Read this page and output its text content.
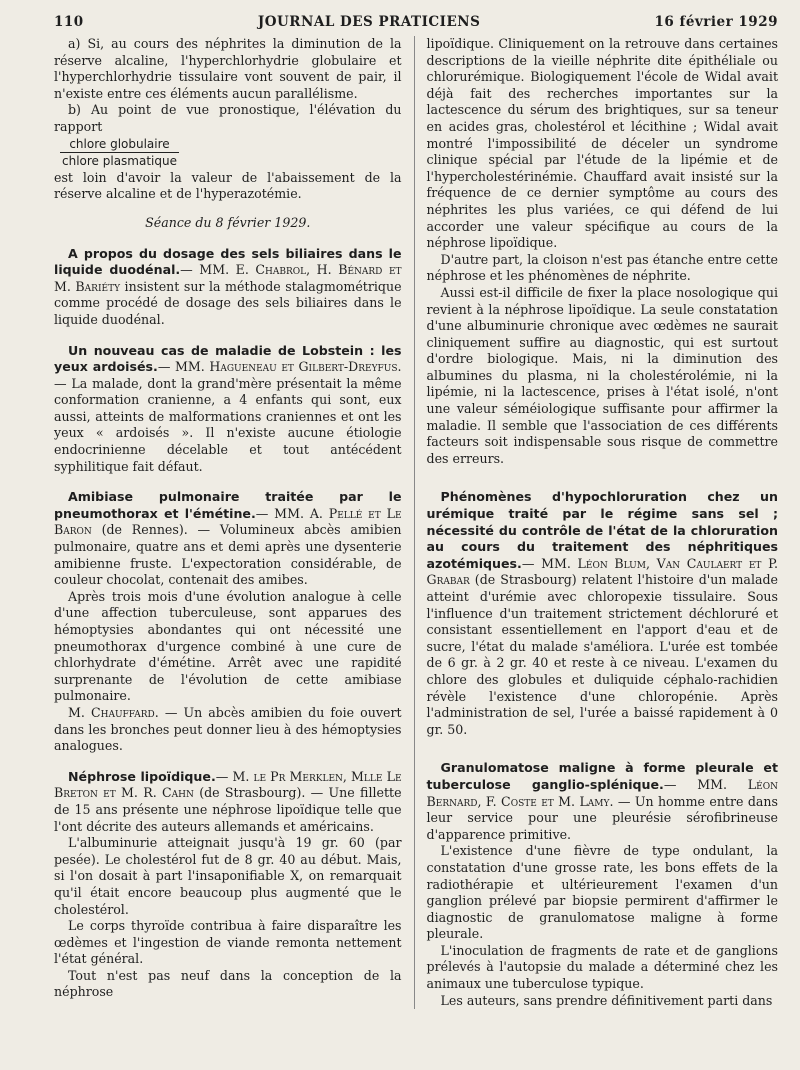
110	JOURNAL DES PRATICIENS	16 février 1929

a) Si, au cours des néphrites la diminution de la réserve alcaline, l'hyperchlorhydrie globulaire et l'hyperchlorhydrie tissulaire vont souvent de pair, il n'existe entre ces éléments aucun parallélisme.

b) Au point de vue pronostique, l'élévation du rapport

$\frac{\text{chlore globulaire}}{\text{chlore plasmatique}}$

est loin d'avoir la valeur de l'abaissement de la réserve alcaline et de l'hyperazotémie.

Séance du 8 février 1929.

A propos du dosage des sels biliaires dans le liquide duodénal.— MM. E. Chabrol, H. Bénard et M. Bariéty insistent sur la méthode stalagmométrique comme procédé de dosage des sels biliaires dans le liquide duodénal.

Un nouveau cas de maladie de Lobstein : les yeux ardoisés.— MM. Hagueneau et Gilbert-Dreyfus. — La malade, dont la grand'mère présentait la même conformation cranienne, a 4 enfants qui sont, eux aussi, atteints de malformations craniennes et ont les yeux « ardoisés ». Il n'existe aucune étiologie endocrinienne décelable et tout antécédent syphilitique fait défaut.

Amibiase pulmonaire traitée par le pneumothorax et l'émétine.— MM. A. Pellé et Le Baron (de Rennes). — Volumineux abcès amibien pulmonaire, quatre ans et demi après une dysenterie amibienne fruste. L'expectoration considérable, de couleur chocolat, contenait des amibes.

Après trois mois d'une évolution analogue à celle d'une affection tuberculeuse, sont apparues des hémoptysies abondantes qui ont nécessité une pneumothorax d'urgence combiné à une cure de chlorhydrate d'émétine. Arrêt avec une rapidité surprenante de l'évolution de cette amibiase pulmonaire.

M. Chauffard. — Un abcès amibien du foie ouvert dans les bronches peut donner lieu à des hémoptysies analogues.

Néphrose lipoïdique.— M. le Pr Merklen, Mlle Le Breton et M. R. Cahn (de Strasbourg). — Une fillette de 15 ans présente une néphrose lipoïdique telle que l'ont décrite des auteurs allemands et américains.

L'albuminurie atteignait jusqu'à 19 gr. 60 (par pesée). Le cholestérol fut de 8 gr. 40 au début. Mais, si l'on dosait à part l'insaponifiable X, on remarquait qu'il était encore beaucoup plus augmenté que le cholestérol.

Le corps thyroïde contribua à faire disparaître les œdèmes et l'ingestion de viande remonta nettement l'état général.

Tout n'est pas neuf dans la conception de la néphrose

lipoïdique. Cliniquement on la retrouve dans certaines descriptions de la vieille néphrite dite épithéliale ou chlorurémique. Biologiquement l'école de Widal avait déjà fait des recherches importantes sur la lactescence du sérum des brightiques, sur sa teneur en acides gras, cholestérol et lécithine ; Widal avait montré l'impossibilité de déceler un syndrome clinique spécial par l'étude de la lipémie et de l'hypercholestérinémie. Chauffard avait insisté sur la fréquence de ce dernier symptôme au cours des néphrites les plus variées, ce qui défend de lui accorder une valeur spécifique au cours de la néphrose lipoïdique.

D'autre part, la cloison n'est pas étanche entre cette néphrose et les phénomènes de néphrite.

Aussi est-il difficile de fixer la place nosologique qui revient à la néphrose lipoïdique. La seule constatation d'une albuminurie chronique avec œdèmes ne saurait cliniquement suffire au diagnostic, qui est surtout d'ordre biologique. Mais, ni la diminution des albumines du plasma, ni la cholestérolémie, ni la lipémie, ni la lactescence, prises à l'état isolé, n'ont une valeur séméiologique suffisante pour affirmer la maladie. Il semble que l'association de ces différents facteurs soit indispensable sous risque de commettre des erreurs.

Phénomènes d'hypochloruration chez un urémique traité par le régime sans sel ; nécessité du contrôle de l'état de la chloruration au cours du traitement des néphritiques azotémiques.— MM. Léon Blum, Van Caulaert et P. Grabar (de Strasbourg) relatent l'histoire d'un malade atteint d'urémie avec chloropexie tissulaire. Sous l'influence d'un traitement strictement déchloruré et consistant essentiellement en l'apport d'eau et de sucre, l'état du malade s'améliora. L'urée est tombée de 6 gr. à 2 gr. 40 et reste à ce niveau. L'examen du chlore des globules et duliquide céphalo-rachidien révèle l'existence d'une chloropénie. Après l'administration de sel, l'urée a baissé rapidement à 0 gr. 50.

Granulomatose maligne à forme pleurale et tuberculose ganglio-splénique.— MM. Léon Bernard, F. Coste et M. Lamy. — Un homme entre dans leur service pour une pleurésie sérofibrineuse d'apparence primitive.

L'existence d'une fièvre de type ondulant, la constatation d'une grosse rate, les bons effets de la radiothérapie et ultérieurement l'examen d'un ganglion prélevé par biopsie permirent d'affirmer le diagnostic de granulomatose maligne à forme pleurale.

L'inoculation de fragments de rate et de ganglions prélevés à l'autopsie du malade a déterminé chez les animaux une tuberculose typique.

Les auteurs, sans prendre définitivement parti dans
